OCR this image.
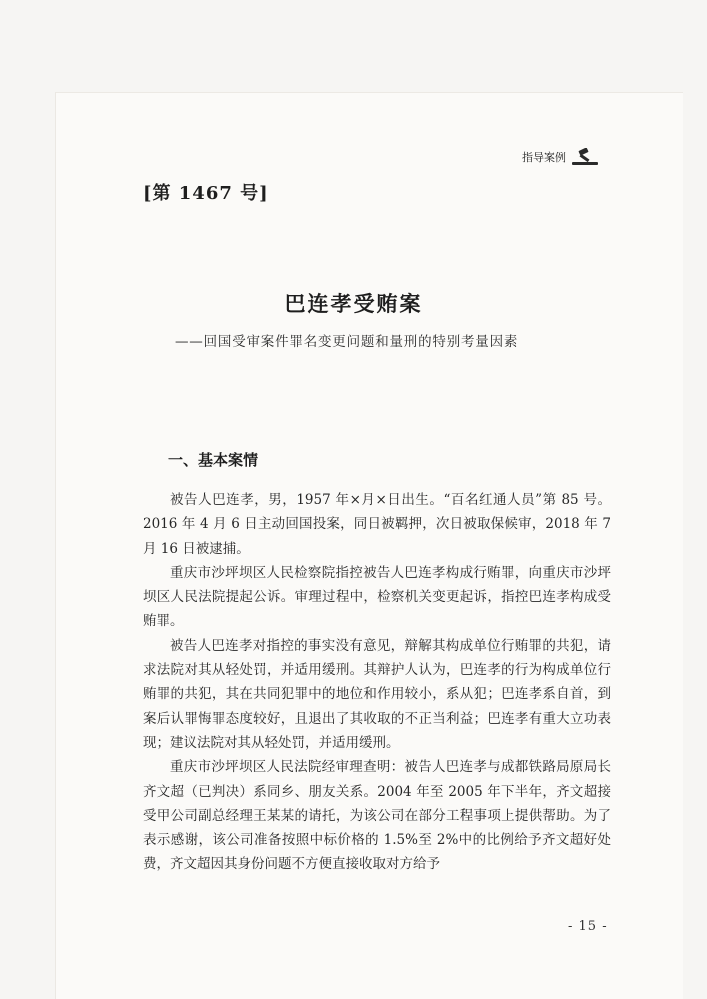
指导案例
[第 1467 号]
巴连孝受贿案
——回国受审案件罪名变更问题和量刑的特别考量因素
一、基本案情

被告人巴连孝，男，1957 年×月×日出生。“百名红通人员”第 85 号。2016 年 4 月 6 日主动回国投案，同日被羁押，次日被取保候审，2018 年 7 月 16 日被逮捕。

重庆市沙坪坝区人民检察院指控被告人巴连孝构成行贿罪，向重庆市沙坪坝区人民法院提起公诉。审理过程中，检察机关变更起诉，指控巴连孝构成受贿罪。

被告人巴连孝对指控的事实没有意见，辩解其构成单位行贿罪的共犯，请求法院对其从轻处罚，并适用缓刑。其辩护人认为，巴连孝的行为构成单位行贿罪的共犯，其在共同犯罪中的地位和作用较小，系从犯；巴连孝系自首，到案后认罪悔罪态度较好，且退出了其收取的不正当利益；巴连孝有重大立功表现；建议法院对其从轻处罚，并适用缓刑。

重庆市沙坪坝区人民法院经审理查明：被告人巴连孝与成都铁路局原局长齐文超（已判决）系同乡、朋友关系。2004 年至 2005 年下半年，齐文超接受甲公司副总经理王某某的请托，为该公司在部分工程事项上提供帮助。为了表示感谢，该公司准备按照中标价格的 1.5%至 2%中的比例给予齐文超好处费，齐文超因其身份问题不方便直接收取对方给予

- 15 -
